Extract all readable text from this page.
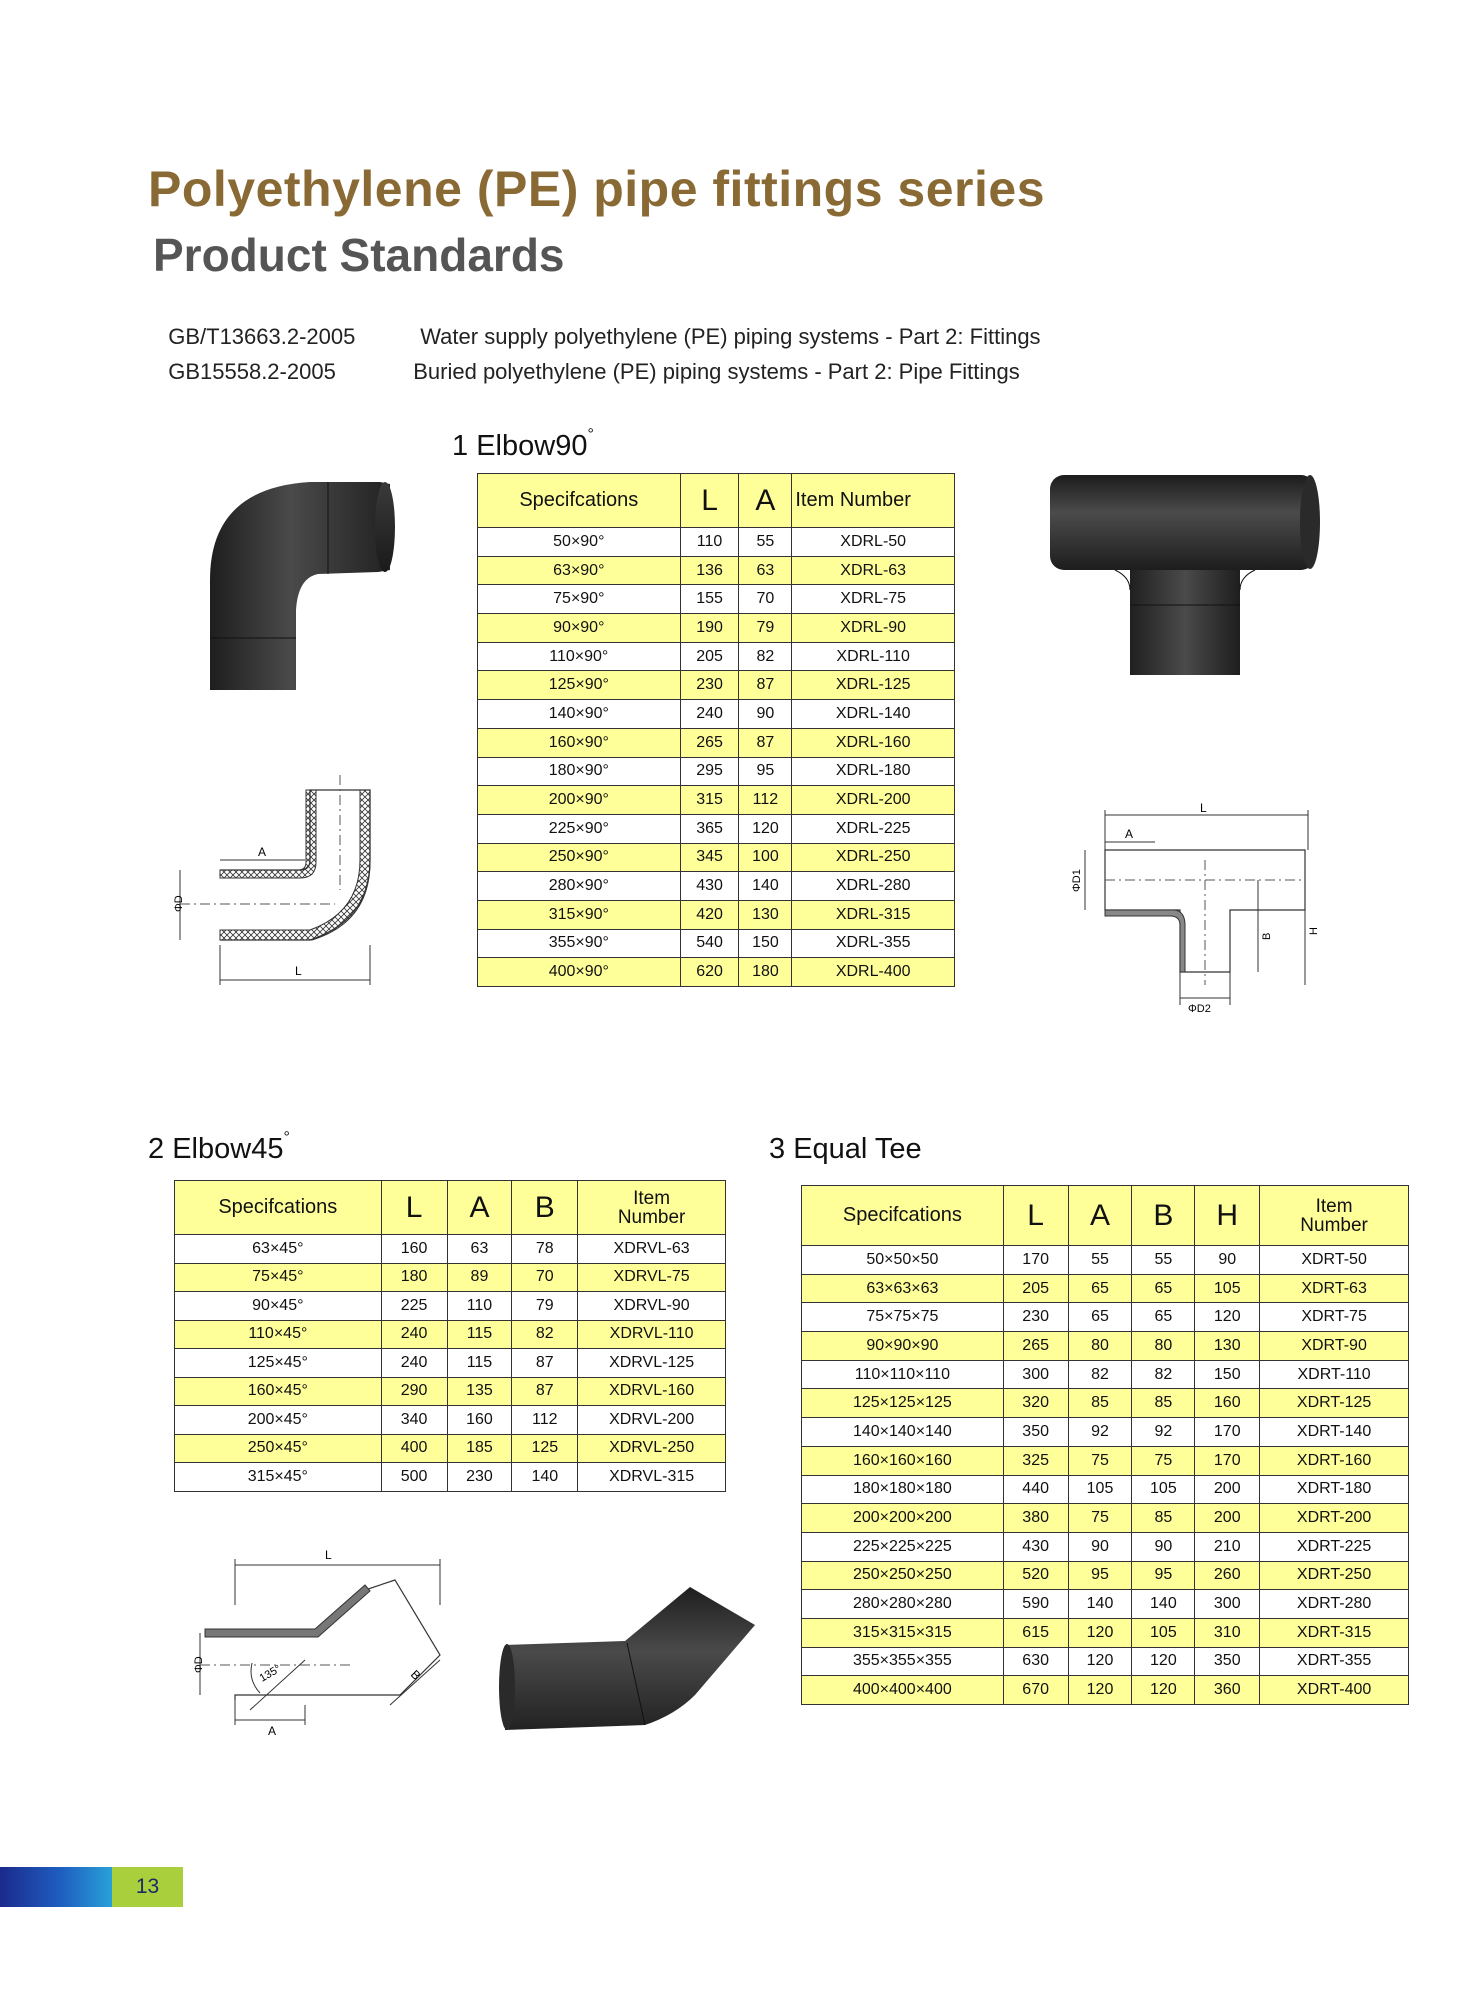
Polyethylene (PE) pipe fittings series
Product Standards

GB/T13663.2-2005	Water supply polyethylene (PE) piping systems - Part 2: Fittings

GB15558.2-2005	Buried polyethylene (PE) piping systems - Part 2: Pipe Fittings

1 Elbow90°
Specifcations	L	A	Item Number
50×90°	110	55	XDRL-50
63×90°	136	63	XDRL-63
75×90°	155	70	XDRL-75
90×90°	190	79	XDRL-90
110×90°	205	82	XDRL-110
125×90°	230	87	XDRL-125
140×90°	240	90	XDRL-140
160×90°	265	87	XDRL-160
180×90°	295	95	XDRL-180
200×90°	315	112	XDRL-200
225×90°	365	120	XDRL-225
250×90°	345	100	XDRL-250
280×90°	430	140	XDRL-280
315×90°	420	130	XDRL-315
355×90°	540	150	XDRL-355
400×90°	620	180	XDRL-400
2 Elbow45°
Specifcations	L	A	B	Item Number
63×45°	160	63	78	XDRVL-63
75×45°	180	89	70	XDRVL-75
90×45°	225	110	79	XDRVL-90
110×45°	240	115	82	XDRVL-110
125×45°	240	115	87	XDRVL-125
160×45°	290	135	87	XDRVL-160
200×45°	340	160	112	XDRVL-200
250×45°	400	185	125	XDRVL-250
315×45°	500	230	140	XDRVL-315
3 Equal Tee
Specifcations	L	A	B	H	Item Number
50×50×50	170	55	55	90	XDRT-50
63×63×63	205	65	65	105	XDRT-63
75×75×75	230	65	65	120	XDRT-75
90×90×90	265	80	80	130	XDRT-90
110×110×110	300	82	82	150	XDRT-110
125×125×125	320	85	85	160	XDRT-125
140×140×140	350	92	92	170	XDRT-140
160×160×160	325	75	75	170	XDRT-160
180×180×180	440	105	105	200	XDRT-180
200×200×200	380	75	85	200	XDRT-200
225×225×225	430	90	90	210	XDRT-225
250×250×250	520	95	95	260	XDRT-250
280×280×280	590	140	140	300	XDRT-280
315×315×315	615	120	105	310	XDRT-315
355×355×355	630	120	120	350	XDRT-355
400×400×400	670	120	120	360	XDRT-400
A
ΦD
L
L
A
ΦD1
B
H
ΦD2
L
135°
ΦD
B
A
13
